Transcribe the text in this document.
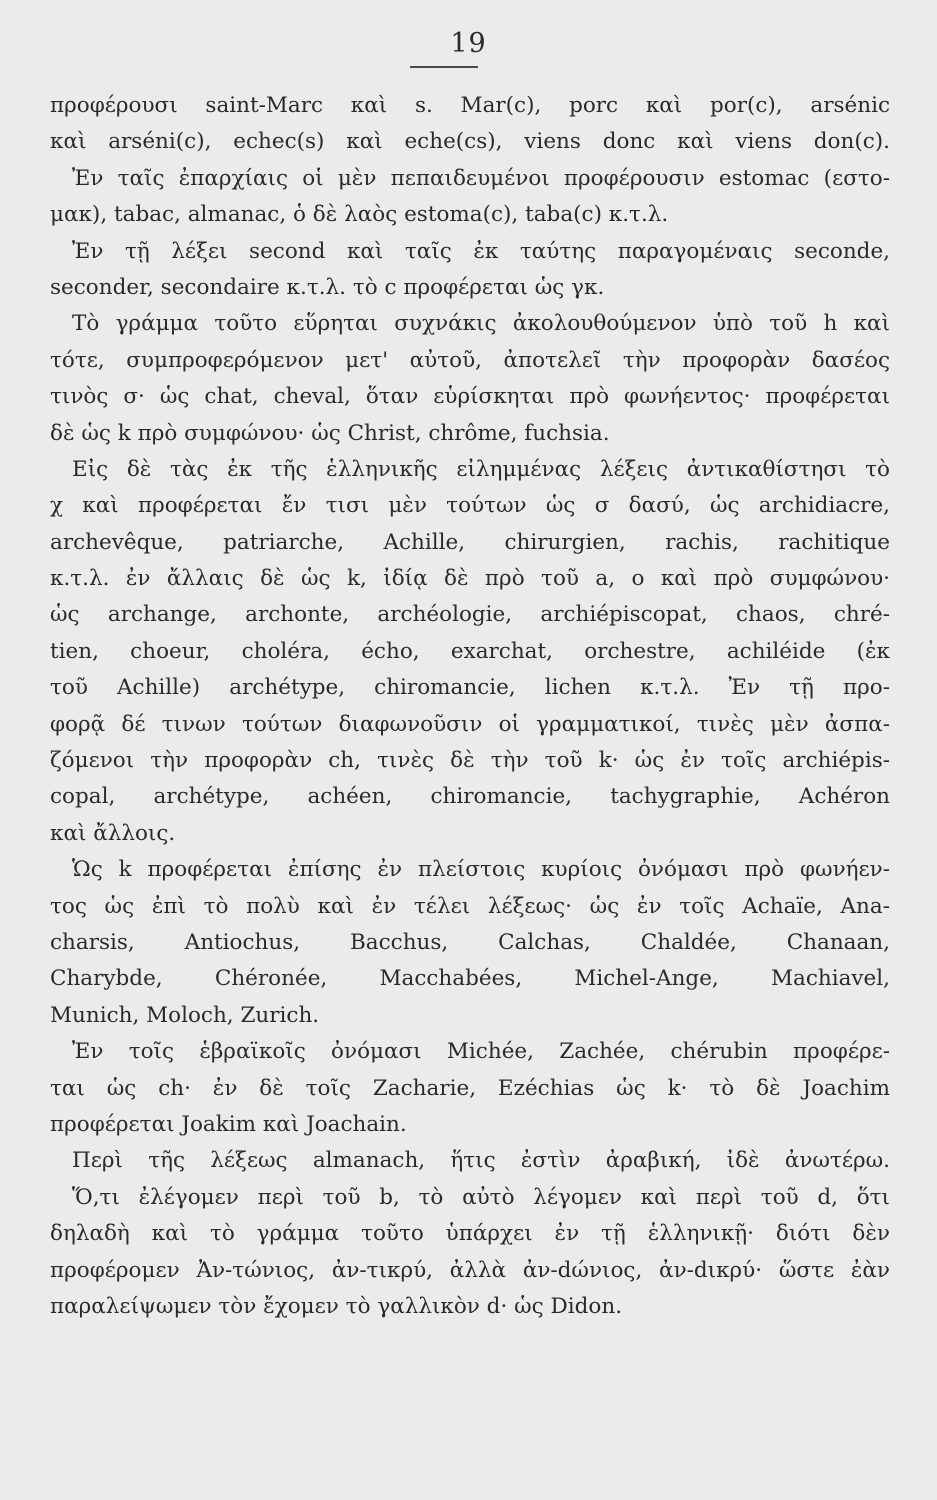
19
προφέρουσι saint-Marc καὶ s. Mar(c), porc καὶ por(c), arsénic
καὶ arséni(c), echec(s) καὶ eche(cs), viens donc καὶ viens don(c).
Ἐν ταῖς ἐπαρχίαις οἱ μὲν πεπαιδευμένοι προφέρουσιν estomac (εστο-
μακ), tabac, almanac, ὁ δὲ λαὸς estoma(c), taba(c) κ.τ.λ.
Ἐν τῇ λέξει second καὶ ταῖς ἐκ ταύτης παραγομέναις seconde,
seconder, secondaire κ.τ.λ. τὸ c προφέρεται ὡς γκ.
Τὸ γράμμα τοῦτο εὕρηται συχνάκις ἀκολουθούμενον ὑπὸ τοῦ h καὶ
τότε, συμπροφερόμενον μετ' αὐτοῦ, ἀποτελεῖ τὴν προφορὰν δασέος
τινὸς σ· ὡς chat, cheval, ὅταν εὑρίσκηται πρὸ φωνήεντος· προφέρεται
δὲ ὡς k πρὸ συμφώνου· ὡς Christ, chrôme, fuchsia.
Εἰς δὲ τὰς ἐκ τῆς ἑλληνικῆς εἰλημμένας λέξεις ἀντικαθίστησι τὸ
χ καὶ προφέρεται ἔν τισι μὲν τούτων ὡς σ δασύ, ὡς archidiacre,
archevêque, patriarche, Achille, chirurgien, rachis, rachitique
κ.τ.λ. ἐν ἄλλαις δὲ ὡς k, ἰδίᾳ δὲ πρὸ τοῦ a, o καὶ πρὸ συμφώνου·
ὡς archange, archonte, archéologie, archiépiscopat, chaos, chré-
tien, choeur, choléra, écho, exarchat, orchestre, achiléide (ἐκ
τοῦ Achille) archétype, chiromancie, lichen κ.τ.λ. Ἐν τῇ προ-
φορᾷ δέ τινων τούτων διαφωνοῦσιν οἱ γραμματικοί, τινὲς μὲν ἀσπα-
ζόμενοι τὴν προφορὰν ch, τινὲς δὲ τὴν τοῦ k· ὡς ἐν τοῖς archiépis-
copal, archétype, achéen, chiromancie, tachygraphie, Achéron
καὶ ἄλλοις.
Ὡς k προφέρεται ἐπίσης ἐν πλείστοις κυρίοις ὀνόμασι πρὸ φωνήεν-
τος ὡς ἐπὶ τὸ πολὺ καὶ ἐν τέλει λέξεως· ὡς ἐν τοῖς Achaïe, Ana-
charsis, Antiochus, Bacchus, Calchas, Chaldée, Chanaan,
Charybde, Chéronée, Macchabées, Michel-Ange, Machiavel,
Munich, Moloch, Zurich.
Ἐν τοῖς ἑβραϊκοῖς ὀνόμασι Michée, Zachée, chérubin προφέρε-
ται ὡς ch· ἐν δὲ τοῖς Zacharie, Ezéchias ὡς k· τὸ δὲ Joachim
προφέρεται Joakim καὶ Joachain.
Περὶ τῆς λέξεως almanach, ἥτις ἐστὶν ἀραβική, ἰδὲ ἀνωτέρω.
Ὅ,τι ἐλέγομεν περὶ τοῦ b, τὸ αὐτὸ λέγομεν καὶ περὶ τοῦ d, ὅτι
δηλαδὴ καὶ τὸ γράμμα τοῦτο ὑπάρχει ἐν τῇ ἑλληνικῇ· διότι δὲν
προφέρομεν Ἀν-τώνιος, ἀν-τικρύ, ἀλλὰ ἀν-dώνιος, ἀν-dικρύ· ὥστε ἐὰν
παραλείψωμεν τὸν ἔχομεν τὸ γαλλικὸν d· ὡς Didon.
